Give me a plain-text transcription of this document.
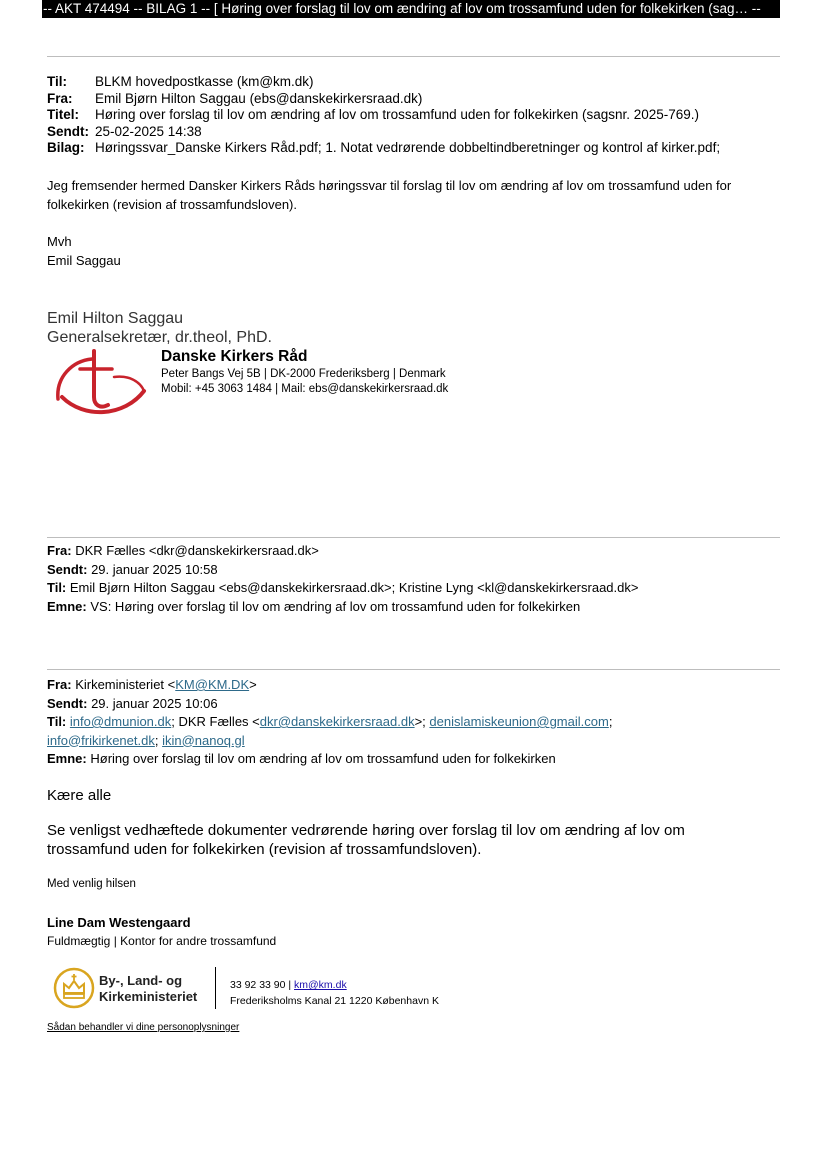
-- AKT 474494 -- BILAG 1 -- [ Høring over forslag til lov om ændring af lov om trossamfund uden for folkekirken (sag… --
Til: BLKM hovedpostkasse (km@km.dk)
Fra: Emil Bjørn Hilton Saggau (ebs@danskekirkersraad.dk)
Titel: Høring over forslag til lov om ændring af lov om trossamfund uden for folkekirken (sagsnr. 2025-769.)
Sendt: 25-02-2025 14:38
Bilag: Høringssvar_Danske Kirkers Råd.pdf; 1. Notat vedrørende dobbeltindberetninger og kontrol af kirker.pdf;
Jeg fremsender hermed Dansker Kirkers Råds høringssvar til forslag til lov om ændring af lov om trossamfund uden for folkekirken (revision af trossamfundsloven).
Mvh
Emil Saggau
Emil Hilton Saggau
Generalsekretær, dr.theol, PhD.
Danske Kirkers Råd
Peter Bangs Vej 5B | DK-2000 Frederiksberg | Denmark
Mobil: +45 3063 1484 | Mail: ebs@danskekirkersraad.dk
Fra: DKR Fælles <dkr@danskekirkersraad.dk>
Sendt: 29. januar 2025 10:58
Til: Emil Bjørn Hilton Saggau <ebs@danskekirkersraad.dk>; Kristine Lyng <kl@danskekirkersraad.dk>
Emne: VS: Høring over forslag til lov om ændring af lov om trossamfund uden for folkekirken
Fra: Kirkeministeriet <KM@KM.DK>
Sendt: 29. januar 2025 10:06
Til: info@dmunion.dk; DKR Fælles <dkr@danskekirkersraad.dk>; denislamiskeunion@gmail.com;
info@frikirkenet.dk; ikin@nanoq.gl
Emne: Høring over forslag til lov om ændring af lov om trossamfund uden for folkekirken
Kære alle
Se venligst vedhæftede dokumenter vedrørende høring over forslag til lov om ændring af lov om trossamfund uden for folkekirken (revision af trossamfundsloven).
Med venlig hilsen
Line Dam Westengaard
Fuldmægtig | Kontor for andre trossamfund
By-, Land- og
Kirkeministeriet
33 92 33 90 | km@km.dk
Frederiksholms Kanal 21 1220 København K
Sådan behandler vi dine personoplysninger
